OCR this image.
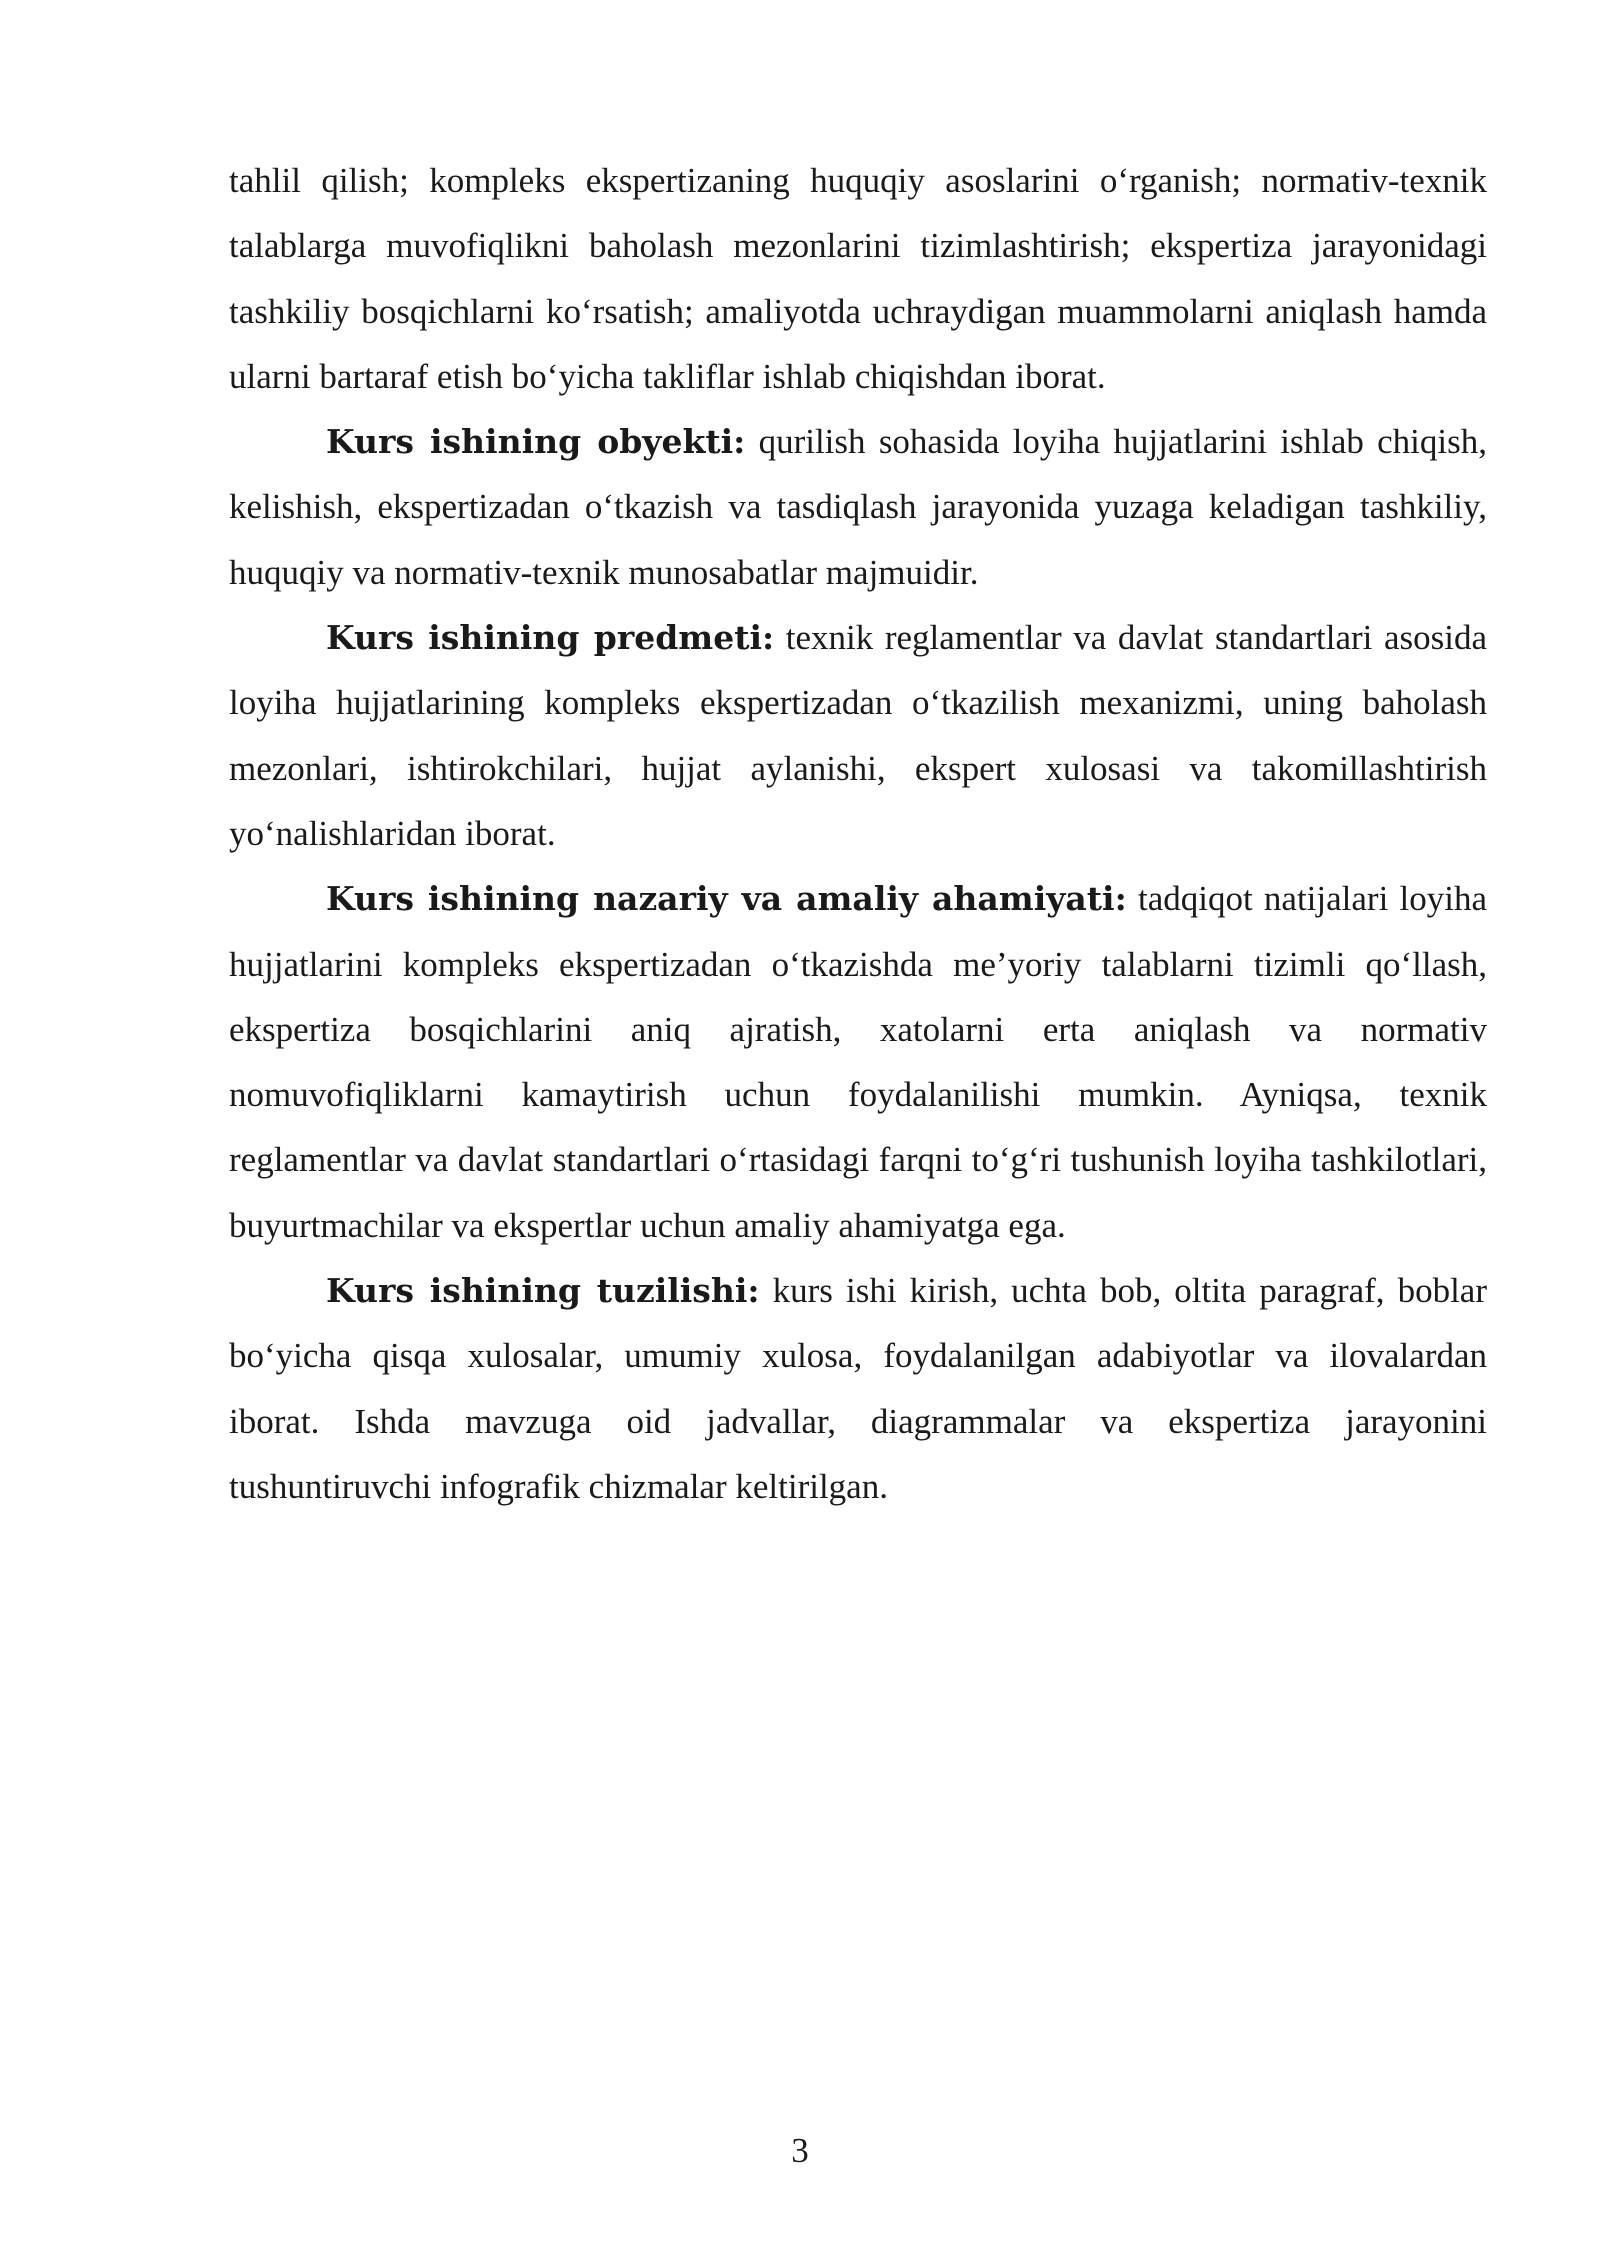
tahlil qilish; kompleks ekspertizaning huquqiy asoslarini o‘rganish; normativ-texnik talablarga muvofiqlikni baholash mezonlarini tizimlashtirish; ekspertiza jarayonidagi tashkiliy bosqichlarni ko‘rsatish; amaliyotda uchraydigan muammolarni aniqlash hamda ularni bartaraf etish bo‘yicha takliflar ishlab chiqishdan iborat.

Kurs ishining obyekti: qurilish sohasida loyiha hujjatlarini ishlab chiqish, kelishish, ekspertizadan o‘tkazish va tasdiqlash jarayonida yuzaga keladigan tashkiliy, huquqiy va normativ-texnik munosabatlar majmuidir.

Kurs ishining predmeti: texnik reglamentlar va davlat standartlari asosida loyiha hujjatlarining kompleks ekspertizadan o‘tkazilish mexanizmi, uning baholash mezonlari, ishtirokchilari, hujjat aylanishi, ekspert xulosasi va takomillashtirish yo‘nalishlaridan iborat.

Kurs ishining nazariy va amaliy ahamiyati: tadqiqot natijalari loyiha hujjatlarini kompleks ekspertizadan o‘tkazishda me’yoriy talablarni tizimli qo‘llash, ekspertiza bosqichlarini aniq ajratish, xatolarni erta aniqlash va normativ nomuvofiqliklarni kamaytirish uchun foydalanilishi mumkin. Ayniqsa, texnik reglamentlar va davlat standartlari o‘rtasidagi farqni to‘g‘ri tushunish loyiha tashkilotlari, buyurtmachilar va ekspertlar uchun amaliy ahamiyatga ega.

Kurs ishining tuzilishi: kurs ishi kirish, uchta bob, oltita paragraf, boblar bo‘yicha qisqa xulosalar, umumiy xulosa, foydalanilgan adabiyotlar va ilovalardan iborat. Ishda mavzuga oid jadvallar, diagrammalar va ekspertiza jarayonini tushuntiruvchi infografik chizmalar keltirilgan.

3
